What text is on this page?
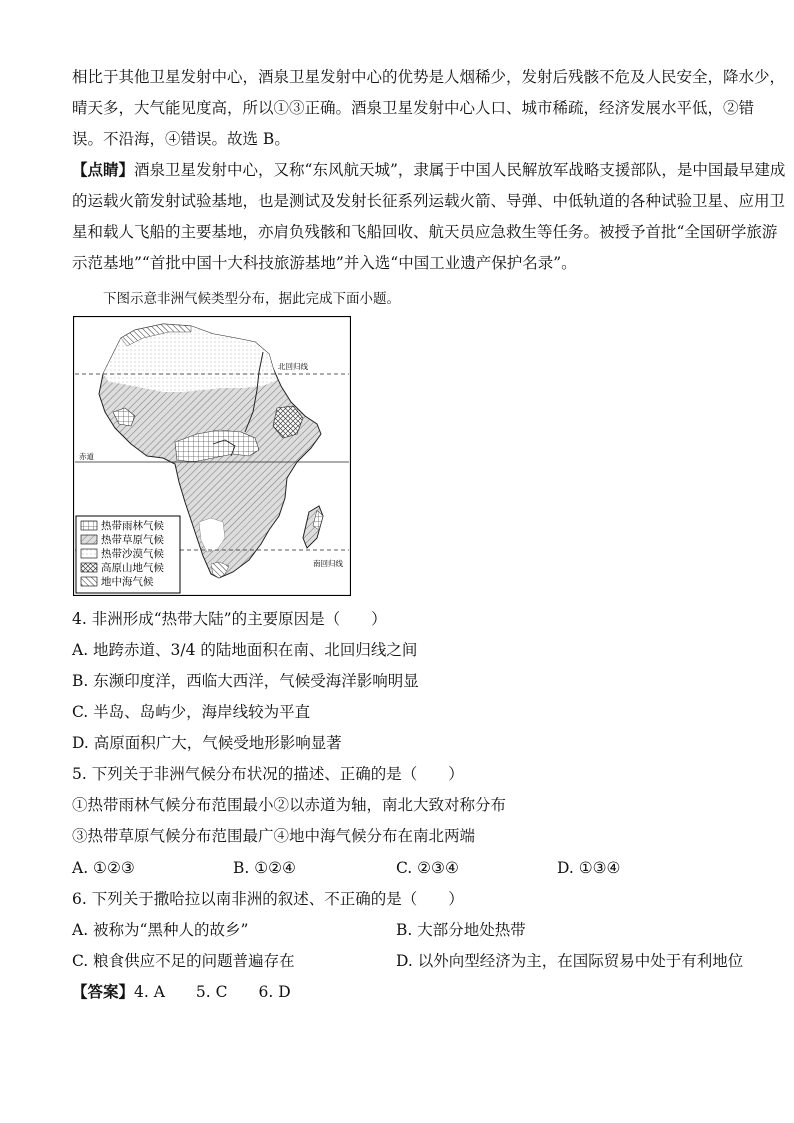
相比于其他卫星发射中心，酒泉卫星发射中心的优势是人烟稀少，发射后残骸不危及人民安全，降水少，
晴天多，大气能见度高，所以①③正确。酒泉卫星发射中心人口、城市稀疏，经济发展水平低，②错
误。不沿海，④错误。故选 B。
【点睛】酒泉卫星发射中心，又称“东风航天城”，隶属于中国人民解放军战略支援部队，是中国最早建成
的运载火箭发射试验基地，也是测试及发射长征系列运载火箭、导弹、中低轨道的各种试验卫星、应用卫
星和载人飞船的主要基地，亦肩负残骸和飞船回收、航天员应急救生等任务。被授予首批“全国研学旅游
示范基地”“首批中国十大科技旅游基地”并入选“中国工业遗产保护名录”。
下图示意非洲气候类型分布，据此完成下面小题。
北回归线
赤道
南回归线
热带雨林气候
热带草原气候
热带沙漠气候
高原山地气候
地中海气候
4. 非洲形成“热带大陆”的主要原因是（　　）
A. 地跨赤道、3/4 的陆地面积在南、北回归线之间
B. 东濒印度洋，西临大西洋，气候受海洋影响明显
C. 半岛、岛屿少，海岸线较为平直
D. 高原面积广大，气候受地形影响显著
5. 下列关于非洲气候分布状况的描述、正确的是（　　）
①热带雨林气候分布范围最小②以赤道为轴，南北大致对称分布
③热带草原气候分布范围最广④地中海气候分布在南北两端
A. ①②③	B. ①②④	C. ②③④	D. ①③④
6. 下列关于撒哈拉以南非洲的叙述、不正确的是（　　）
A. 被称为“黑种人的故乡”	B. 大部分地处热带
C. 粮食供应不足的问题普遍存在	D. 以外向型经济为主，在国际贸易中处于有利地位
【答案】4. A　　5. C　　6. D
